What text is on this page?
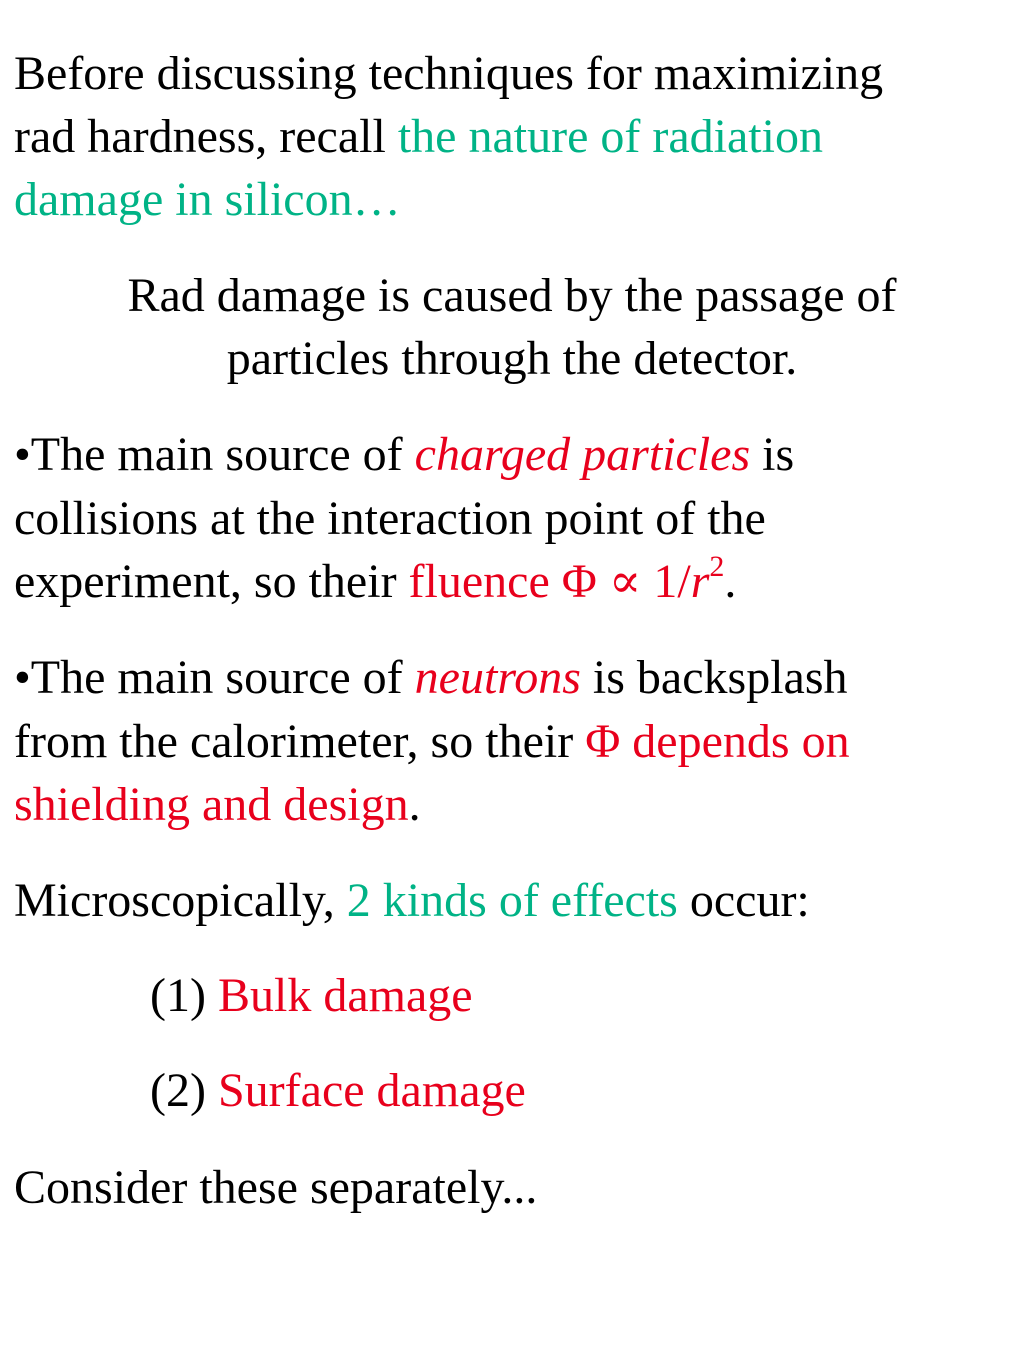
Before discussing techniques for maximizing

rad hardness, recall the nature of radiation

damage in silicon…

Rad damage is caused by the passage of

particles through the detector.

•The main source of charged particles is

collisions at the interaction point of the

experiment, so their fluence $\Phi \propto 1/r^2$.

•The main source of neutrons is backsplash

from the calorimeter, so their Φ depends on

shielding and design.

Microscopically, 2 kinds of effects occur:

(1) Bulk damage

(2) Surface damage

Consider these separately...
